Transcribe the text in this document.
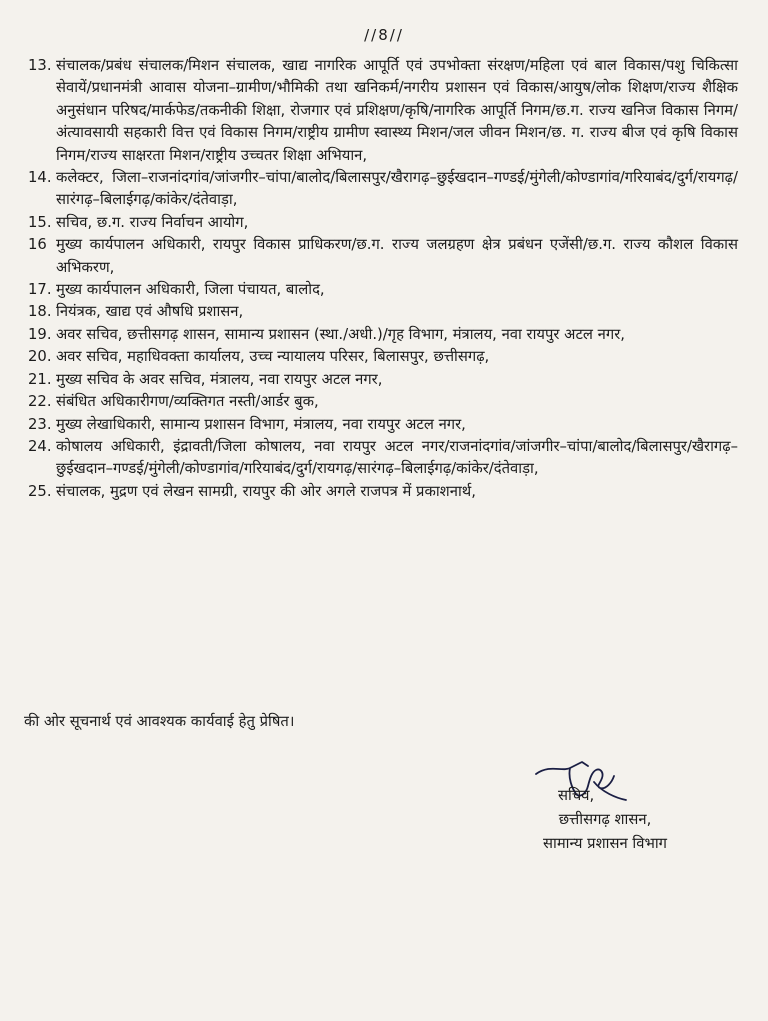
//8//
13. संचालक/प्रबंध संचालक/मिशन संचालक, खाद्य नागरिक आपूर्ति एवं उपभोक्ता संरक्षण/महिला एवं बाल विकास/पशु चिकित्सा सेवायें/प्रधानमंत्री आवास योजना–ग्रामीण/भौमिकी तथा खनिकर्म/नगरीय प्रशासन एवं विकास/आयुष/लोक शिक्षण/राज्य शैक्षिक अनुसंधान परिषद/मार्कफेड/तकनीकी शिक्षा, रोजगार एवं प्रशिक्षण/कृषि/नागरिक आपूर्ति निगम/छ.ग. राज्य खनिज विकास निगम/अंत्यावसायी सहकारी वित्त एवं विकास निगम/राष्ट्रीय ग्रामीण स्वास्थ्य मिशन/जल जीवन मिशन/छ. ग. राज्य बीज एवं कृषि विकास निगम/राज्य साक्षरता मिशन/राष्ट्रीय उच्चतर शिक्षा अभियान,
14. कलेक्टर, जिला–राजनांदगांव/जांजगीर–चांपा/बालोद/बिलासपुर/खैरागढ़–छुईखदान–गण्डई/मुंगेली/कोण्डागांव/गरियाबंद/दुर्ग/रायगढ़/सारंगढ़–बिलाईगढ़/कांकेर/दंतेवाड़ा,
15. सचिव, छ.ग. राज्य निर्वाचन आयोग,
16 मुख्य कार्यपालन अधिकारी, रायपुर विकास प्राधिकरण/छ.ग. राज्य जलग्रहण क्षेत्र प्रबंधन एजेंसी/छ.ग. राज्य कौशल विकास अभिकरण,
17. मुख्य कार्यपालन अधिकारी, जिला पंचायत, बालोद,
18. नियंत्रक, खाद्य एवं औषधि प्रशासन,
19. अवर सचिव, छत्तीसगढ़ शासन, सामान्य प्रशासन (स्था./अधी.)/गृह विभाग, मंत्रालय, नवा रायपुर अटल नगर,
20. अवर सचिव, महाधिवक्ता कार्यालय, उच्च न्यायालय परिसर, बिलासपुर, छत्तीसगढ़,
21. मुख्य सचिव के अवर सचिव, मंत्रालय, नवा रायपुर अटल नगर,
22. संबंधित अधिकारीगण/व्यक्तिगत नस्ती/आर्डर बुक,
23. मुख्य लेखाधिकारी, सामान्य प्रशासन विभाग, मंत्रालय, नवा रायपुर अटल नगर,
24. कोषालय अधिकारी, इंद्रावती/जिला कोषालय, नवा रायपुर अटल नगर/राजनांदगांव/जांजगीर–चांपा/बालोद/बिलासपुर/खैरागढ़–छुईखदान–गण्डई/मुंगेली/कोण्डागांव/गरियाबंद/दुर्ग/रायगढ़/सारंगढ़–बिलाईगढ़/कांकेर/दंतेवाड़ा,
25. संचालक, मुद्रण एवं लेखन सामग्री, रायपुर की ओर अगले राजपत्र में प्रकाशनार्थ,
की ओर सूचनार्थ एवं आवश्यक कार्यवाई हेतु प्रेषित।
सचिव,
छत्तीसगढ़ शासन,
सामान्य प्रशासन विभाग
